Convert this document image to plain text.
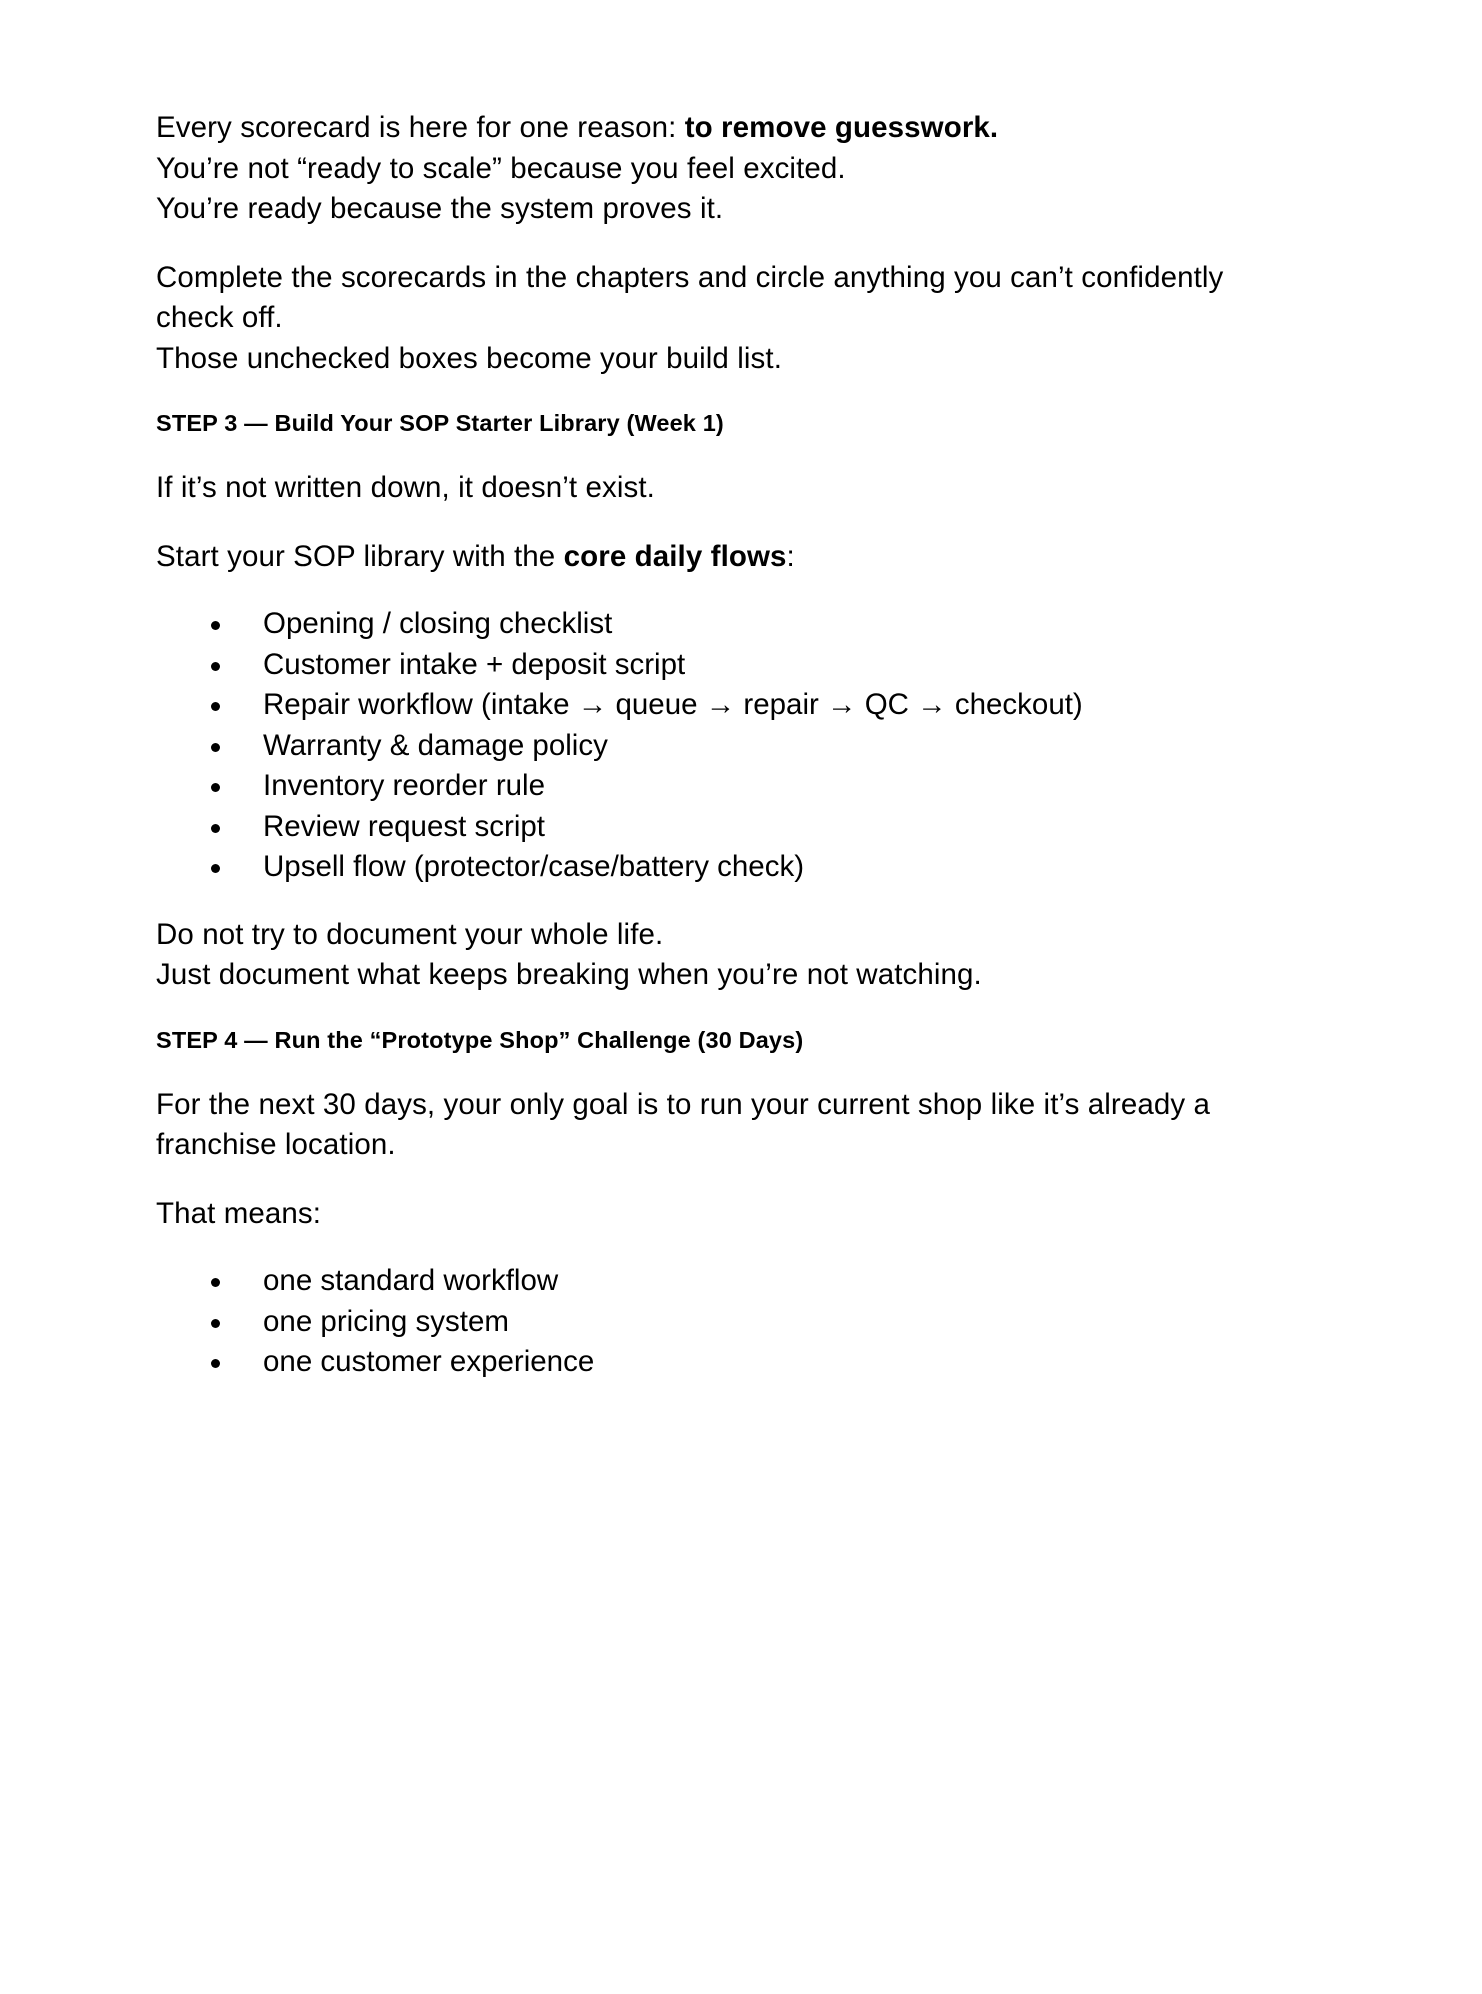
Every scorecard is here for one reason: to remove guesswork.
You’re not “ready to scale” because you feel excited.
You’re ready because the system proves it.

Complete the scorecards in the chapters and circle anything you can’t confidently check off.
Those unchecked boxes become your build list.

STEP 3 — Build Your SOP Starter Library (Week 1)

If it’s not written down, it doesn’t exist.

Start your SOP library with the core daily flows:

Opening / closing checklist
Customer intake + deposit script
Repair workflow (intake → queue → repair → QC → checkout)
Warranty & damage policy
Inventory reorder rule
Review request script
Upsell flow (protector/case/battery check)

Do not try to document your whole life.
Just document what keeps breaking when you’re not watching.

STEP 4 — Run the “Prototype Shop” Challenge (30 Days)

For the next 30 days, your only goal is to run your current shop like it’s already a franchise location.

That means:

one standard workflow
one pricing system
one customer experience
